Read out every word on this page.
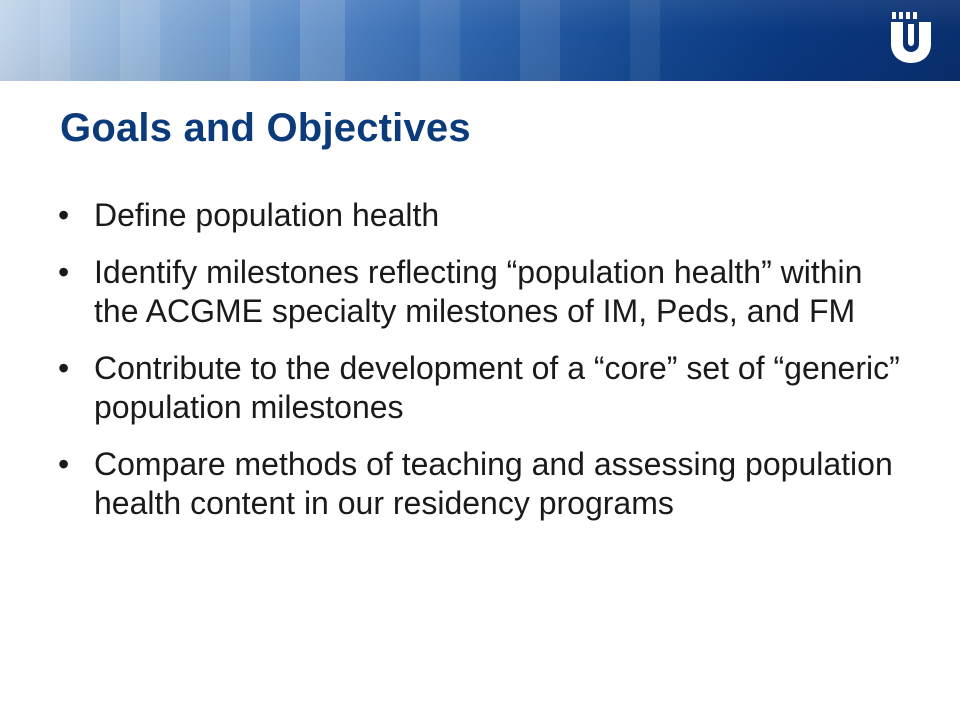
Goals and Objectives
• Define population health
• Identify milestones reflecting “population health” within the ACGME specialty milestones of IM, Peds, and FM
• Contribute to the development of a “core” set of “generic” population milestones
• Compare methods of teaching and assessing population health content in our residency programs
